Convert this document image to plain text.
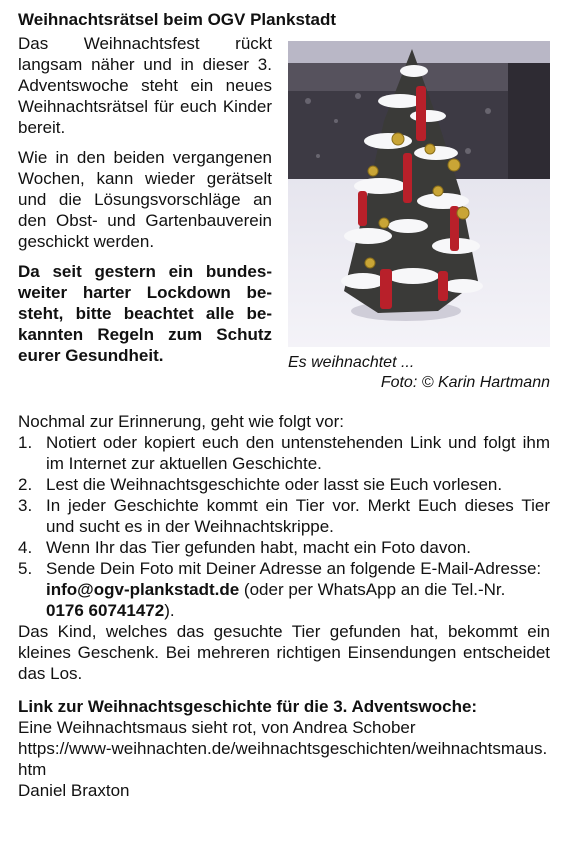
Weihnachtsrätsel beim OGV Plankstadt

Das Weihnachtsfest rückt langsam näher und in dieser 3. Adventswoche steht ein neues Weihnachtsrätsel für euch Kinder bereit.

Wie in den beiden vergangenen Wochen, kann wieder gerätselt und die Lösungsvorschläge an den Obst- und Gartenbauverein geschickt werden.

Da seit gestern ein bundesweiter harter Lockdown besteht, bitte beachtet alle bekannten Regeln zum Schutz eurer Gesundheit.	Es weihnachtet ...
Foto: © Karin Hartmann

Nochmal zur Erinnerung, geht wie folgt vor:

1. Notiert oder kopiert euch den untenstehenden Link und folgt ihm im Internet zur aktuellen Geschichte.
2. Lest die Weihnachtsgeschichte oder lasst sie Euch vorlesen.
3. In jeder Geschichte kommt ein Tier vor. Merkt Euch dieses Tier und sucht es in der Weihnachtskrippe.
4. Wenn Ihr das Tier gefunden habt, macht ein Foto davon.
5. Sende Dein Foto mit Deiner Adresse an folgende E-Mail-Adresse:
info@ogv-plankstadt.de (oder per WhatsApp an die Tel.-Nr.
0176 60741472).

Das Kind, welches das gesuchte Tier gefunden hat, bekommt ein kleines Geschenk. Bei mehreren richtigen Einsendungen entscheidet das Los.

Link zur Weihnachtsgeschichte für die 3. Adventswoche:

Eine Weihnachtsmaus sieht rot, von Andrea Schober

https://www-weihnachten.de/weihnachtsgeschichten/weihnachtsmaus.htm

Daniel Braxton
